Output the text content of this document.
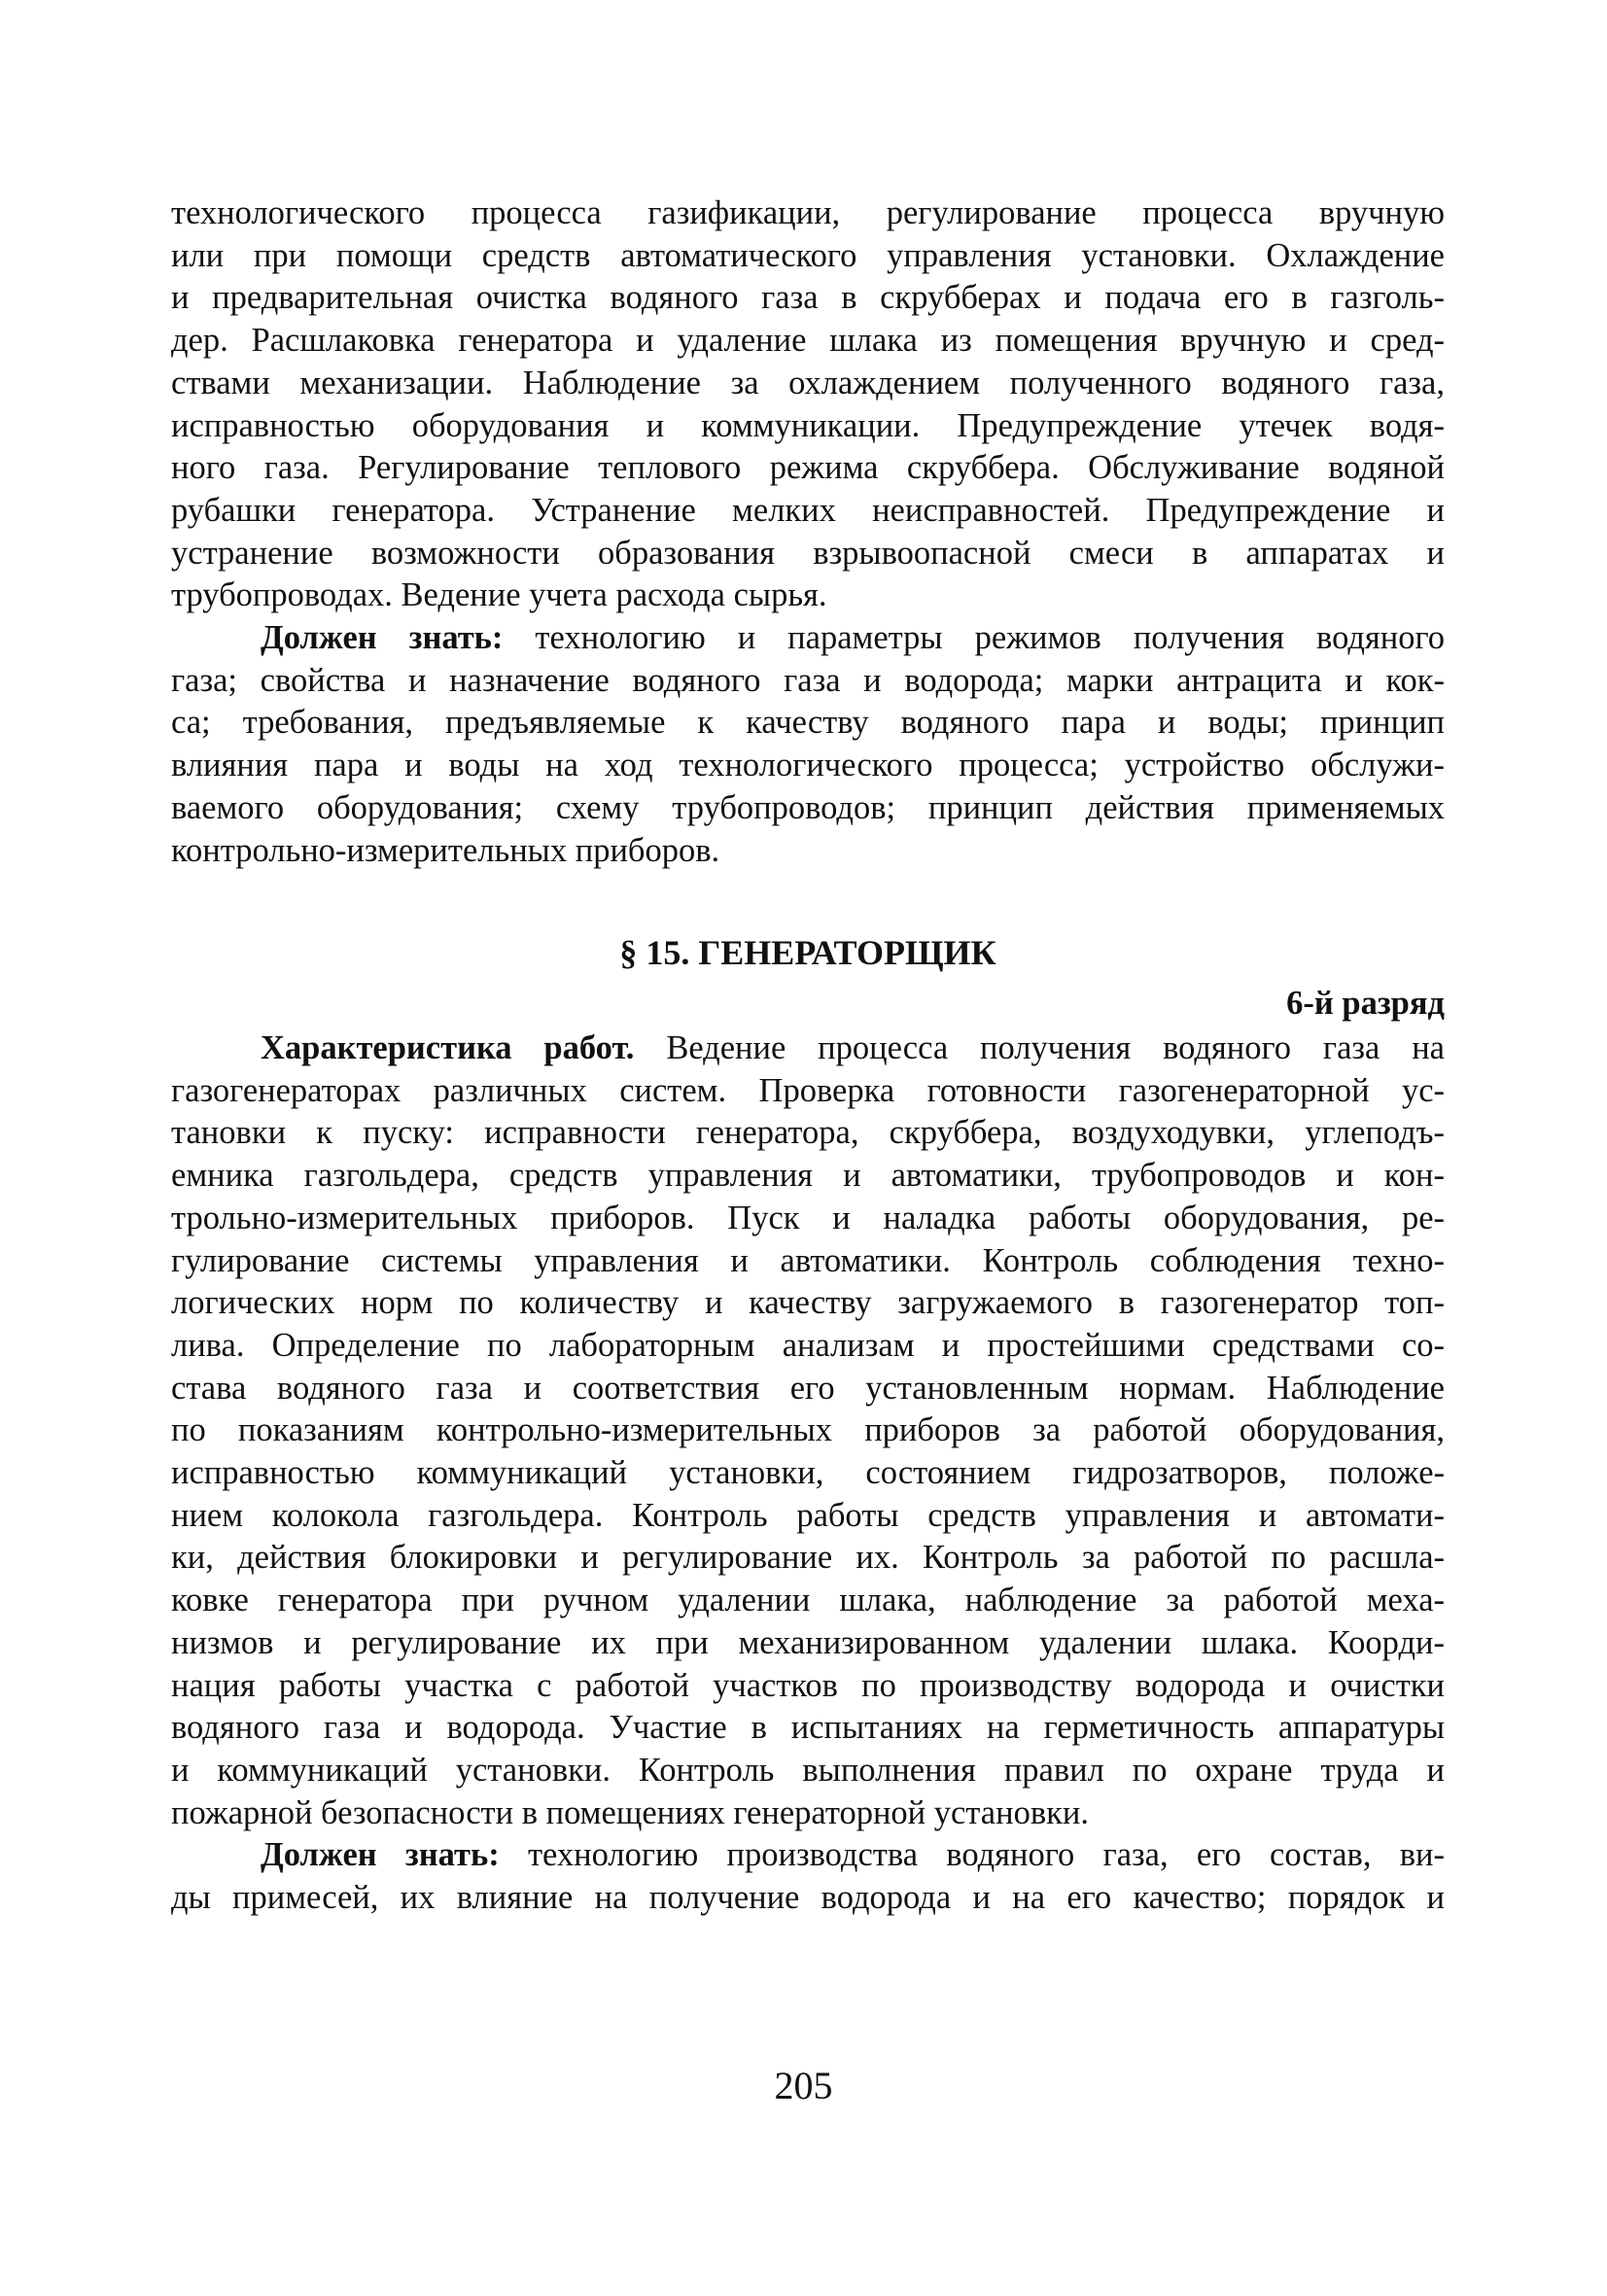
технологического процесса газификации, регулирование процесса вручную
или при помощи средств автоматического управления установки. Охлаждение
и предварительная очистка водяного газа в скрубберах и подача его в газголь-
дер. Расшлаковка генератора и удаление шлака из помещения вручную и сред-
ствами механизации. Наблюдение за охлаждением полученного водяного газа,
исправностью оборудования и коммуникации. Предупреждение утечек водя-
ного газа. Регулирование теплового режима скруббера. Обслуживание водяной
рубашки генератора. Устранение мелких неисправностей. Предупреждение и
устранение возможности образования взрывоопасной смеси в аппаратах и
трубопроводах. Ведение учета расхода сырья.
Должен знать: технологию и параметры режимов получения водяного
газа; свойства и назначение водяного газа и водорода; марки антрацита и кок-
са; требования, предъявляемые к качеству водяного пара и воды; принцип
влияния пара и воды на ход технологического процесса; устройство обслужи-
ваемого оборудования; схему трубопроводов; принцип действия применяемых
контрольно-измерительных приборов.
§ 15. ГЕНЕРАТОРЩИК
6-й разряд
Характеристика работ. Ведение процесса получения водяного газа на
газогенераторах различных систем. Проверка готовности газогенераторной ус-
тановки к пуску: исправности генератора, скруббера, воздуходувки, углеподъ-
емника газгольдера, средств управления и автоматики, трубопроводов и кон-
трольно-измерительных приборов. Пуск и наладка работы оборудования, ре-
гулирование системы управления и автоматики. Контроль соблюдения техно-
логических норм по количеству и качеству загружаемого в газогенератор топ-
лива. Определение по лабораторным анализам и простейшими средствами со-
става водяного газа и соответствия его установленным нормам. Наблюдение
по показаниям контрольно-измерительных приборов за работой оборудования,
исправностью коммуникаций установки, состоянием гидрозатворов, положе-
нием колокола газгольдера. Контроль работы средств управления и автомати-
ки, действия блокировки и регулирование их. Контроль за работой по расшла-
ковке генератора при ручном удалении шлака, наблюдение за работой меха-
низмов и регулирование их при механизированном удалении шлака. Коорди-
нация работы участка с работой участков по производству водорода и очистки
водяного газа и водорода. Участие в испытаниях на герметичность аппаратуры
и коммуникаций установки. Контроль выполнения правил по охране труда и
пожарной безопасности в помещениях генераторной установки.
Должен знать: технологию производства водяного газа, его состав, ви-
ды примесей, их влияние на получение водорода и на его качество; порядок и
205
